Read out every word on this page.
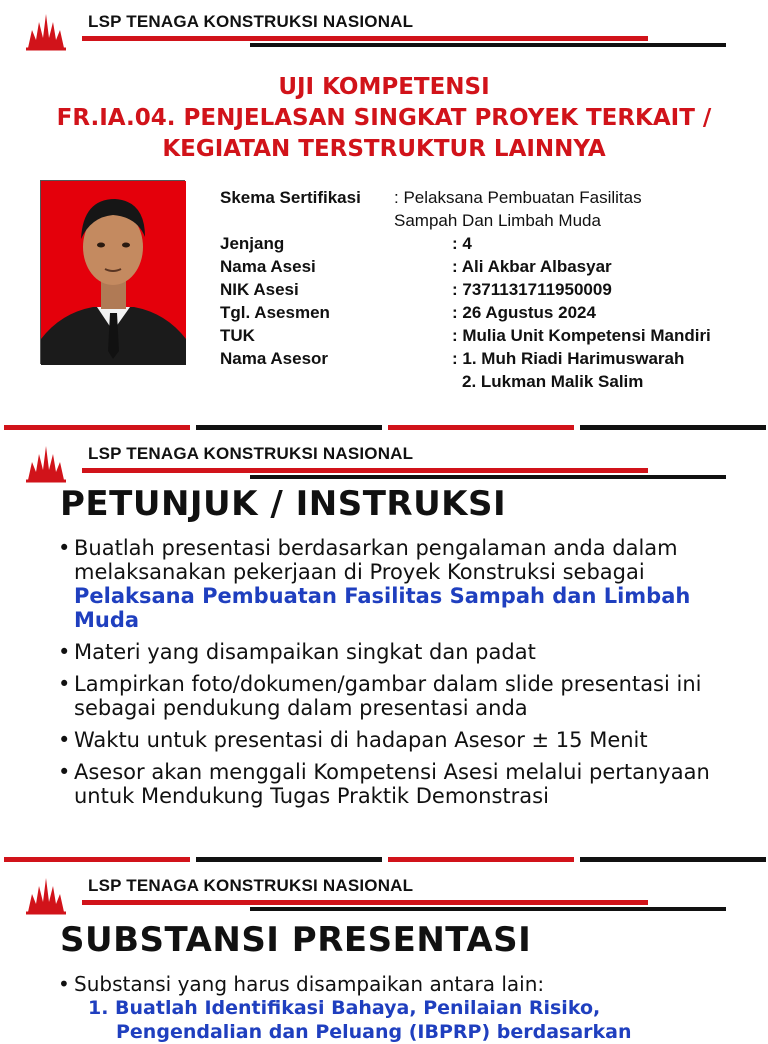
LSP TENAGA KONSTRUKSI NASIONAL
UJI KOMPETENSI
FR.IA.04. PENJELASAN SINGKAT PROYEK TERKAIT /
KEGIATAN TERSTRUKTUR LAINNYA
Skema Sertifikasi : Pelaksana Pembuatan Fasilitas
Sampah Dan Limbah Muda
Jenjang	: 4
Nama Asesi	: Ali Akbar Albasyar
NIK Asesi	: 7371131711950009
Tgl. Asesmen	: 26 Agustus 2024
TUK	: Mulia Unit Kompetensi Mandiri
Nama Asesor	: 1. Muh Riadi Harimuswarah
2. Lukman Malik Salim
LSP TENAGA KONSTRUKSI NASIONAL
PETUNJUK / INSTRUKSI
• Buatlah presentasi berdasarkan pengalaman anda dalam melaksanakan pekerjaan di Proyek Konstruksi sebagai Pelaksana Pembuatan Fasilitas Sampah dan Limbah Muda
• Materi yang disampaikan singkat dan padat
• Lampirkan foto/dokumen/gambar dalam slide presentasi ini sebagai pendukung dalam presentasi anda
• Waktu untuk presentasi di hadapan Asesor ± 15 Menit
• Asesor akan menggali Kompetensi Asesi melalui pertanyaan untuk Mendukung Tugas Praktik Demonstrasi
LSP TENAGA KONSTRUKSI NASIONAL
SUBSTANSI PRESENTASI
• Substansi yang harus disampaikan antara lain:
1. Buatlah Identifikasi Bahaya, Penilaian Risiko,
Pengendalian dan Peluang (IBPRP) berdasarkan
